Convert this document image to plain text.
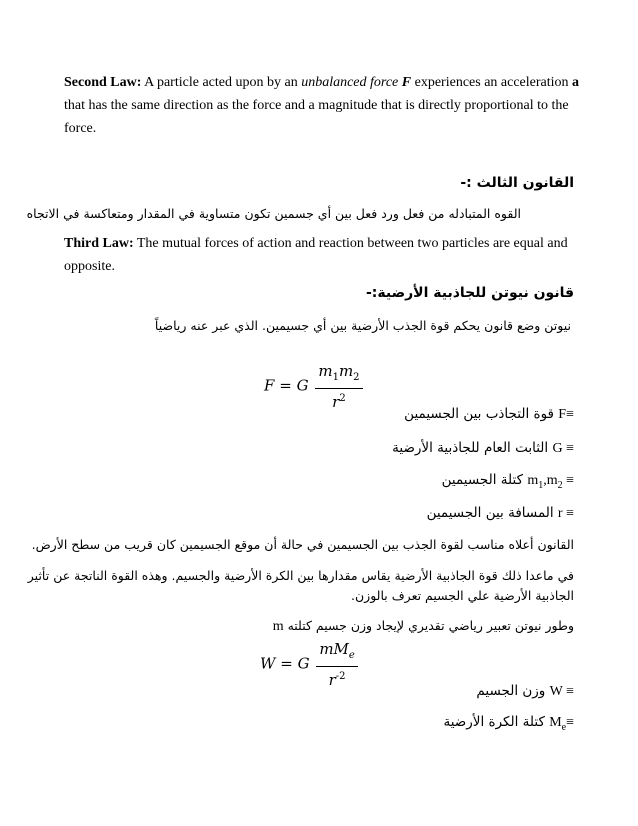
Second Law: A particle acted upon by an unbalanced force F experiences an acceleration a that has the same direction as the force and a magnitude that is directly proportional to the force.
القانون الثالث :-
القوه المتبادله من فعل ورد فعل بين أي جسمين تكون متساوية في المقدار ومتعاكسة في الاتجاه
Third Law: The mutual forces of action and reaction between two particles are equal and opposite.
قانون نيوتن للجاذبية الأرضية:-
نيوتن وضع قانون يحكم قوة الجذب الأرضية بين أي جسيمين. الذي عبر عنه رياضياً
F = G $\frac{m_1m_2}{r^2}$
F≡ قوة التجاذب بين الجسيمين
G ≡ الثابت العام للجاذبية الأرضية
$m_1,m_2$ ≡ كتلة الجسيمين
r ≡ المسافة بين الجسيمين
القانون أعلاه مناسب لقوة الجذب بين الجسيمين في حالة أن موقع الجسيمين كان قريب من سطح الأرض.
في ماعدا ذلك قوة الجاذبية الأرضية يقاس مقدارها بين الكرة الأرضية والجسيم. وهذه القوة الناتجة عن تأثير
الجاذبية الأرضية علي الجسيم تعرف بالوزن.
وطور نيوتن تعبير رياضي تقديري لإيجاد وزن جسيم كتلته m
W = G $\frac{mM_e}{r^{-2}}$
W ≡ وزن الجسيم
$M_e\equiv$ كتلة الكرة الأرضية
